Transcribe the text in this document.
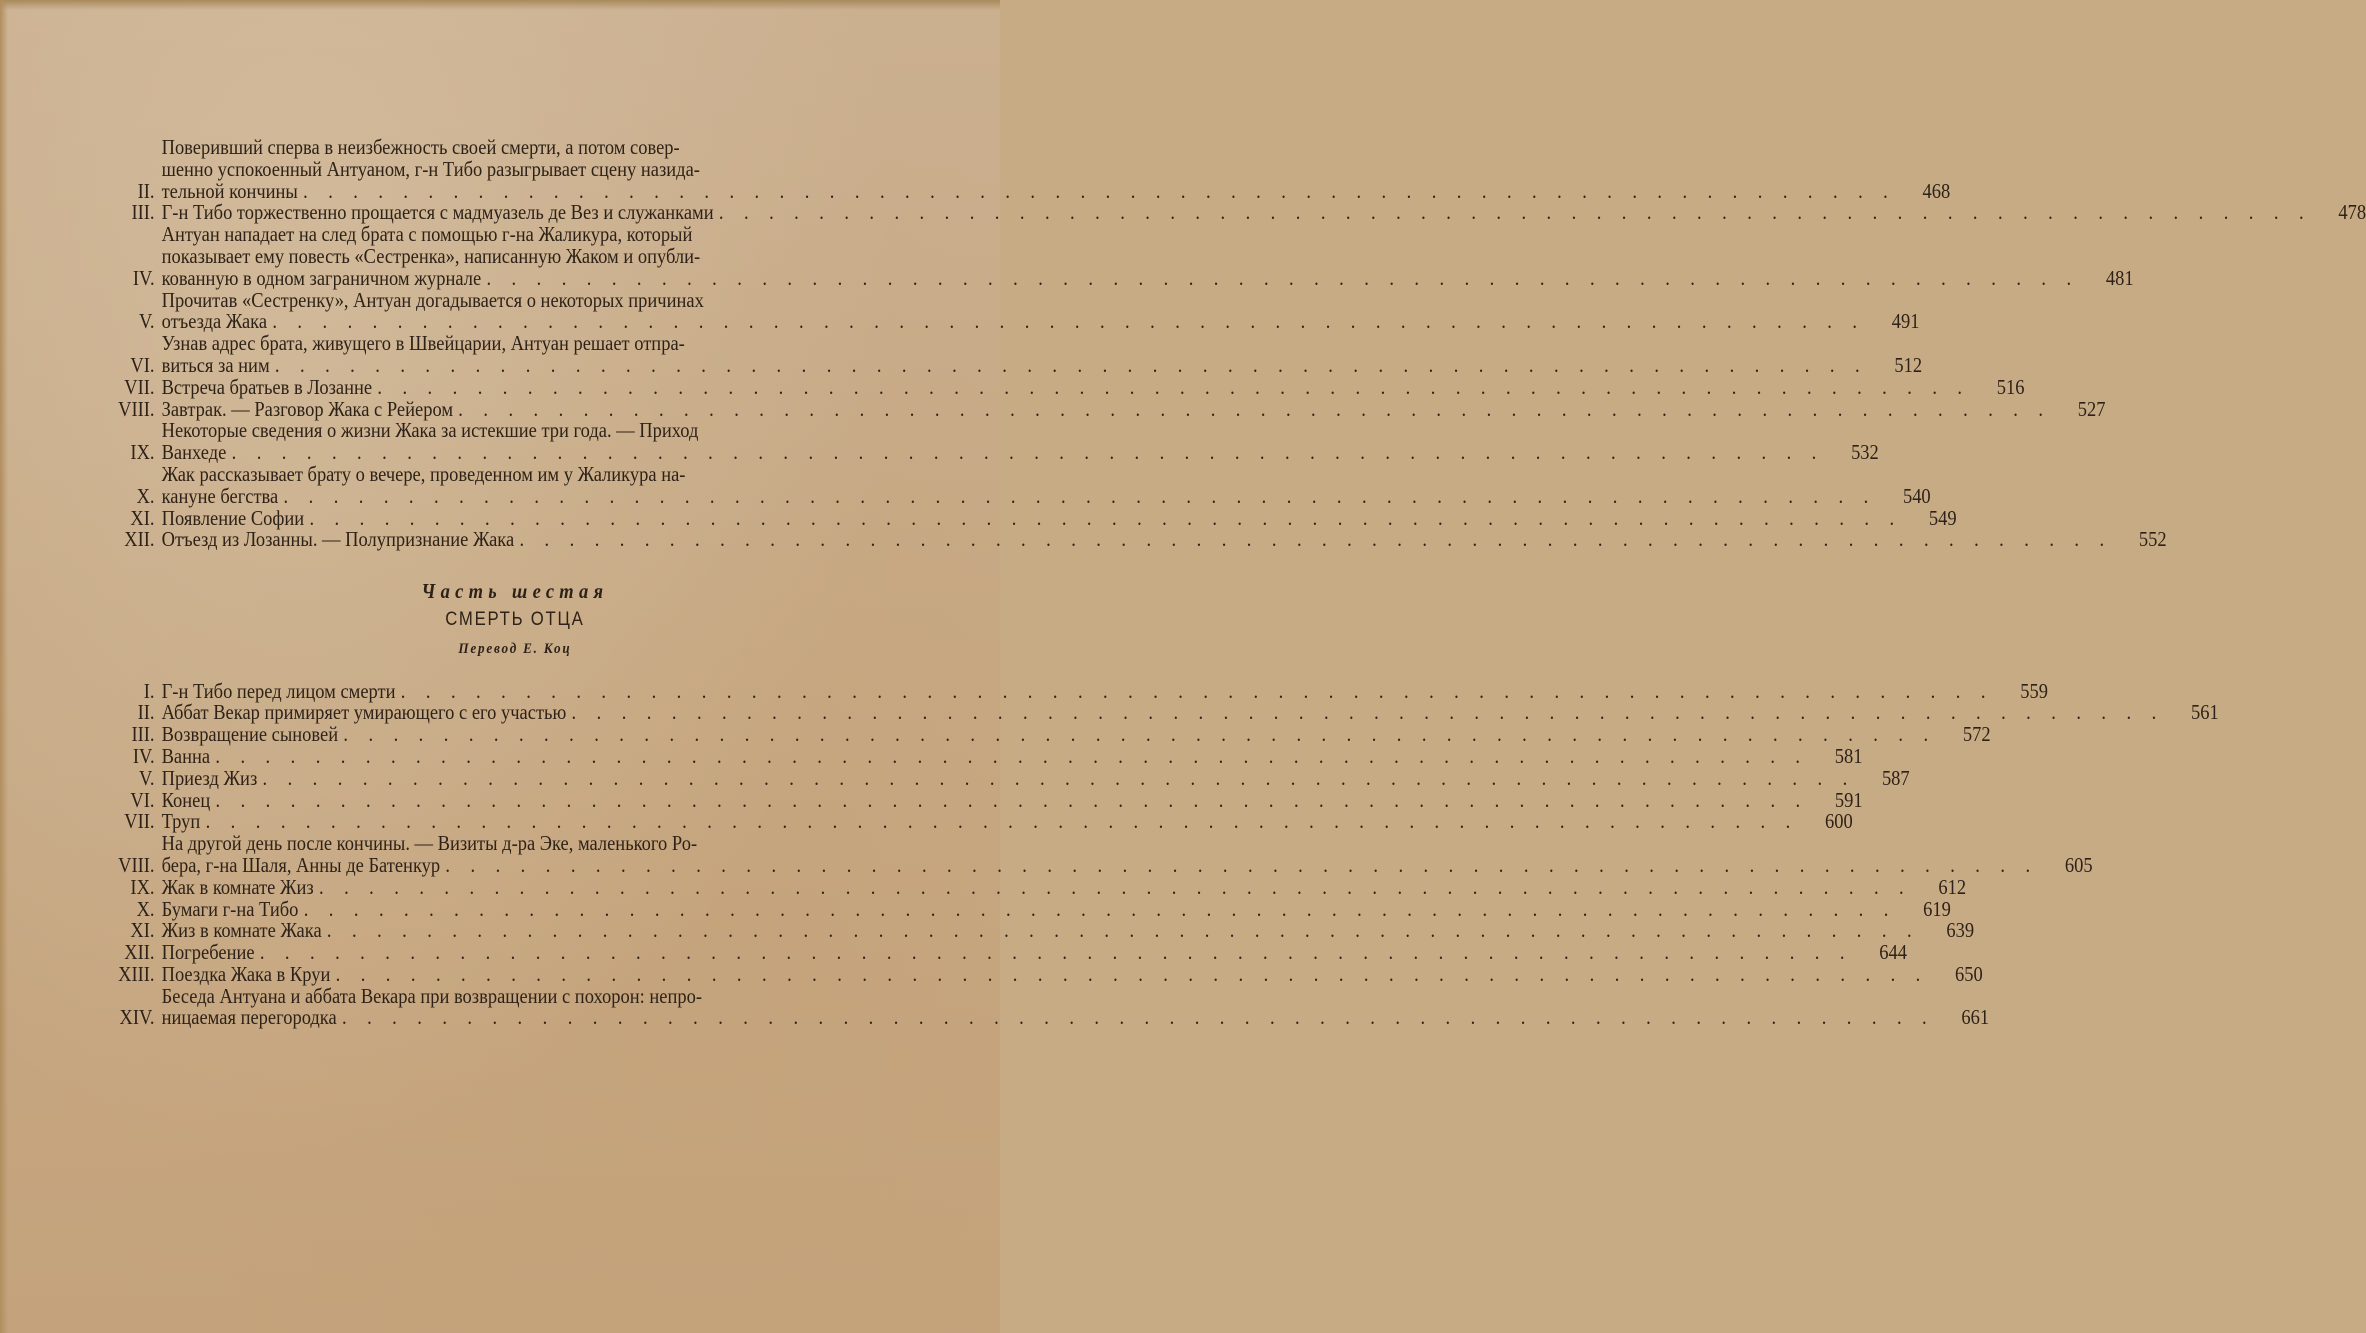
II.
Поверивший сперва в неизбежность своей смерти, а потом совер-
шенно успокоенный Антуаном, г-н Тибо разыгрывает сцену назида-
тельной кончины . . .	468
III. Г-н Тибо торжественно прощается с мадмуазель де Вез и служанками . . .	478
IV.
Антуан нападает на след брата с помощью г-на Жаликура, который
показывает ему повесть «Сестренка», написанную Жаком и опубли-
кованную в одном заграничном журнале . . .	481
V.
Прочитав «Сестренку», Антуан догадывается о некоторых причинах
отъезда Жака . . .	491
VI.
Узнав адрес брата, живущего в Швейцарии, Антуан решает отпра-
виться за ним . . .	512
VII. Встреча братьев в Лозанне . . .	516
VIII. Завтрак. — Разговор Жака с Рейером . . .	527
IX.
Некоторые сведения о жизни Жака за истекшие три года. — Приход
Ванхеде . . .	532
X.
Жак рассказывает брату о вечере, проведенном им у Жаликура на-
кануне бегства . . .	540
XI. Появление Софии . . .	549
XII. Отъезд из Лозанны. — Полупризнание Жака . . .	552
Часть шестая
СМЕРТЬ ОТЦА
Перевод Е. Коц
I. Г-н Тибо перед лицом смерти . . .	559
II. Аббат Векар примиряет умирающего с его участью . . .	561
III. Возвращение сыновей . . .	572
IV. Ванна . . .	581
V. Приезд Жиз . . .	587
VI. Конец . . .	591
VII. Труп . . .	600
VIII.
На другой день после кончины. — Визиты д-ра Эке, маленького Ро-
бера, г-на Шаля, Анны де Батенкур . . .	605
IX. Жак в комнате Жиз . . .	612
X. Бумаги г-на Тибо . . .	619
XI. Жиз в комнате Жака . . .	639
XII. Погребение . . .	644
XIII. Поездка Жака в Круи . . .	650
XIV.
Беседа Антуана и аббата Векара при возвращении с похорон: непро-
ницаемая перегородка . . .	661
